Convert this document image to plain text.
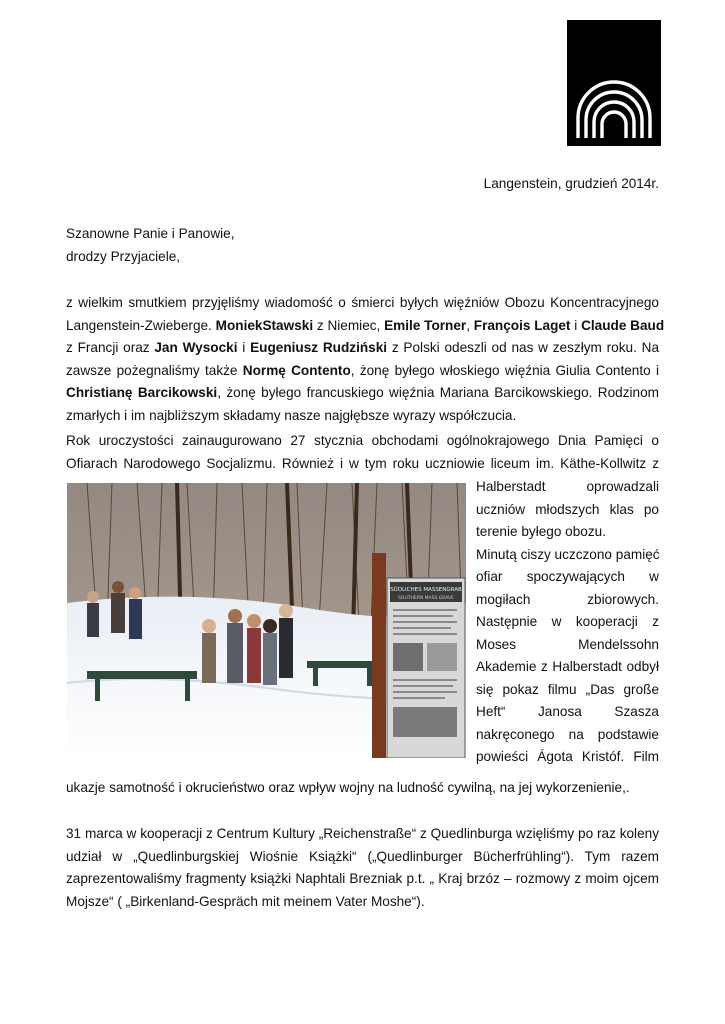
Langenstein, grudzień 2014r.
Szanowne Panie i Panowie,
drodzy Przyjaciele,
z wielkim smutkiem przyjęliśmy wiadomość o śmierci byłych więźniów Obozu Koncentracyjnego
Langenstein-Zwieberge. MoniekStawski z Niemiec, Emile Torner, François Laget i Claude Baud
z Francji oraz Jan Wysocki i Eugeniusz Rudziński z Polski odeszli od nas w zeszłym roku. Na
zawsze pożegnaliśmy także Normę Contento, żonę byłego włoskiego więźnia Giulia Contento i
Christianę Barcikowski, żonę byłego francuskiego więźnia Mariana Barcikowskiego. Rodzinom
zmarłych i im najbliższym składamy nasze najgłębsze wyrazy współczucia.
Rok uroczystości zainaugurowano 27 stycznia obchodami ogólnokrajowego Dnia Pamięci o
Ofiarach Narodowego Socjalizmu. Również i w tym roku uczniowie liceum im. Käthe-Kollwitz z
SÜDLICHES MASSENGRAB
SOUTHERN MASS GRAVE
Halberstadt oprowadzali
uczniów młodszych klas po
terenie byłego obozu.
Minutą ciszy uczczono pamięć
ofiar spoczywających w
mogiłach zbiorowych.
Następnie w kooperacji z
Moses Mendelssohn
Akademie z Halberstadt odbył
się pokaz filmu „Das große
Heft“ Janosa Szasza
nakręconego na podstawie
powieści Ágota Kristóf. Film
ukazje samotność i okrucieństwo oraz wpływ wojny na ludność cywilną, na jej wykorzenienie,.
31 marca w kooperacji z Centrum Kultury „Reichenstraße“ z Quedlinburga wzięliśmy po raz koleny
udział w „Quedlinburgskiej Wiośnie Książki“ („Quedlinburger Bücherfrühling“). Tym razem
zaprezentowaliśmy fragmenty książki Naphtali Brezniak p.t. „ Kraj brzóz – rozmowy z moim ojcem
Mojsze“ ( „Birkenland-Gespräch mit meinem Vater Moshe“).
